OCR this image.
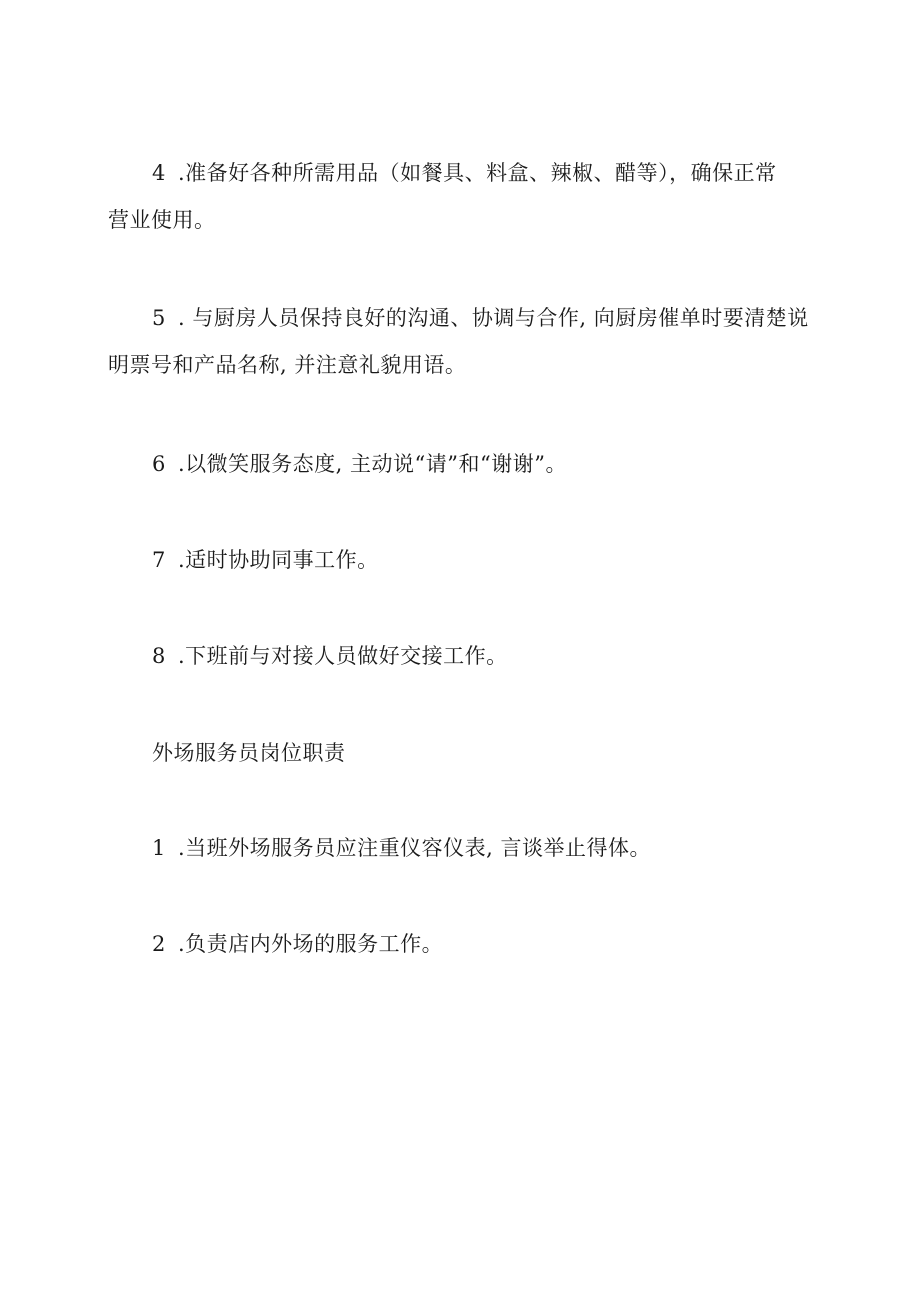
4 .准备好各种所需用品（如餐具、料盒、辣椒、醋等），确保正常
营业使用。
5 . 与厨房人员保持良好的沟通、协调与合作, 向厨房催单时要清楚说
明票号和产品名称, 并注意礼貌用语。
6 .以微笑服务态度, 主动说“请”和“谢谢”。
7 .适时协助同事工作。
8 .下班前与对接人员做好交接工作。
外场服务员岗位职责
1 .当班外场服务员应注重仪容仪表, 言谈举止得体。
2 .负责店内外场的服务工作。
